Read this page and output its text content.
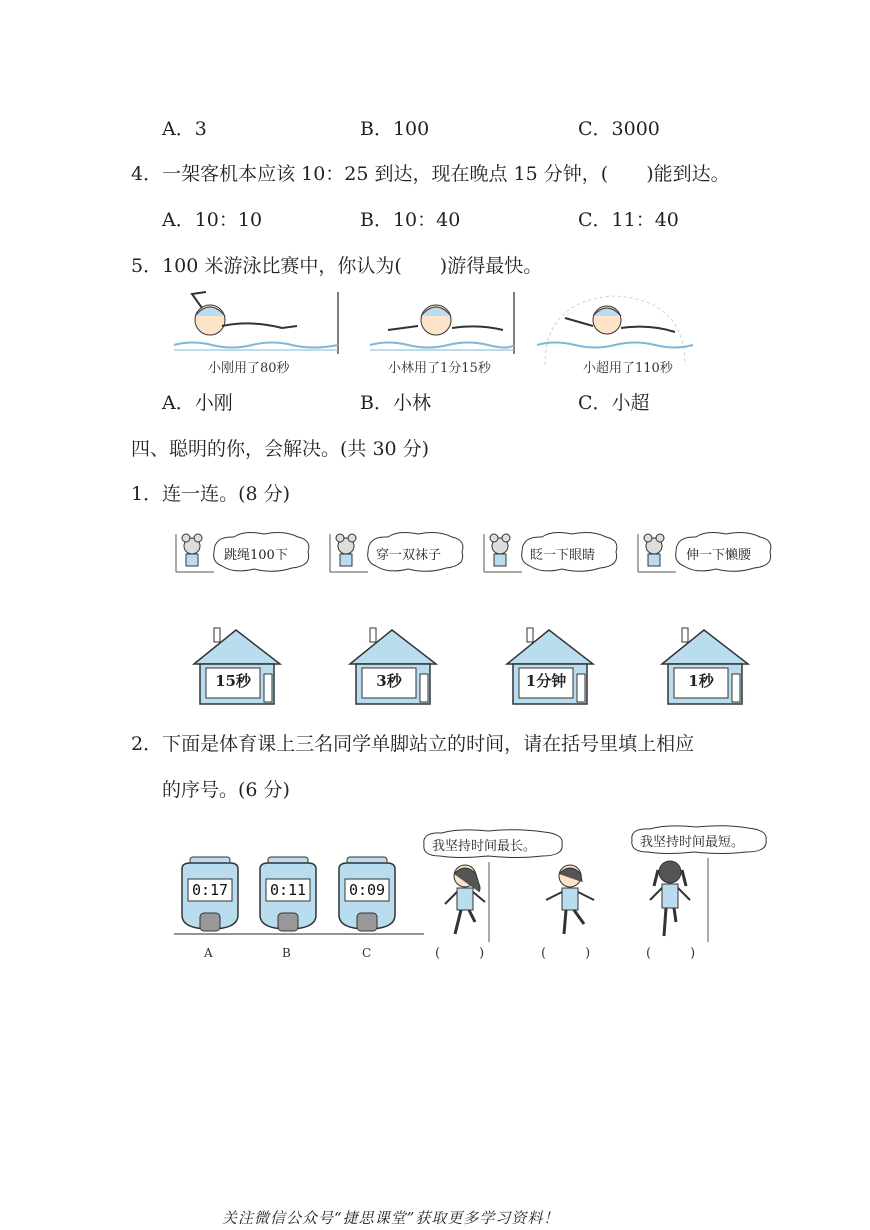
A．3	B．100	C．3000
4．一架客机本应该 10：25 到达，现在晚点 15 分钟，(　　)能到达。
A．10：10	B．10：40	C．11：40
5．100 米游泳比赛中，你认为(　　)游得最快。
小刚用了80秒	小林用了1分15秒	小超用了110秒
A．小刚	B．小林	C．小超
四、聪明的你，会解决。(共 30 分)
1．连一连。(8 分)
跳绳100下	穿一双袜子	眨一下眼睛	伸一下懒腰
15秒	3秒	1分钟	1秒
2．下面是体育课上三名同学单脚站立的时间，请在括号里填上相应
的序号。(6 分)
0:17	0:11	0:09
A	B	C
我坚持时间最长。	我坚持时间最短。
(　　　)	(　　　)	(　　　)
关注微信公众号“捷思课堂”获取更多学习资料！
